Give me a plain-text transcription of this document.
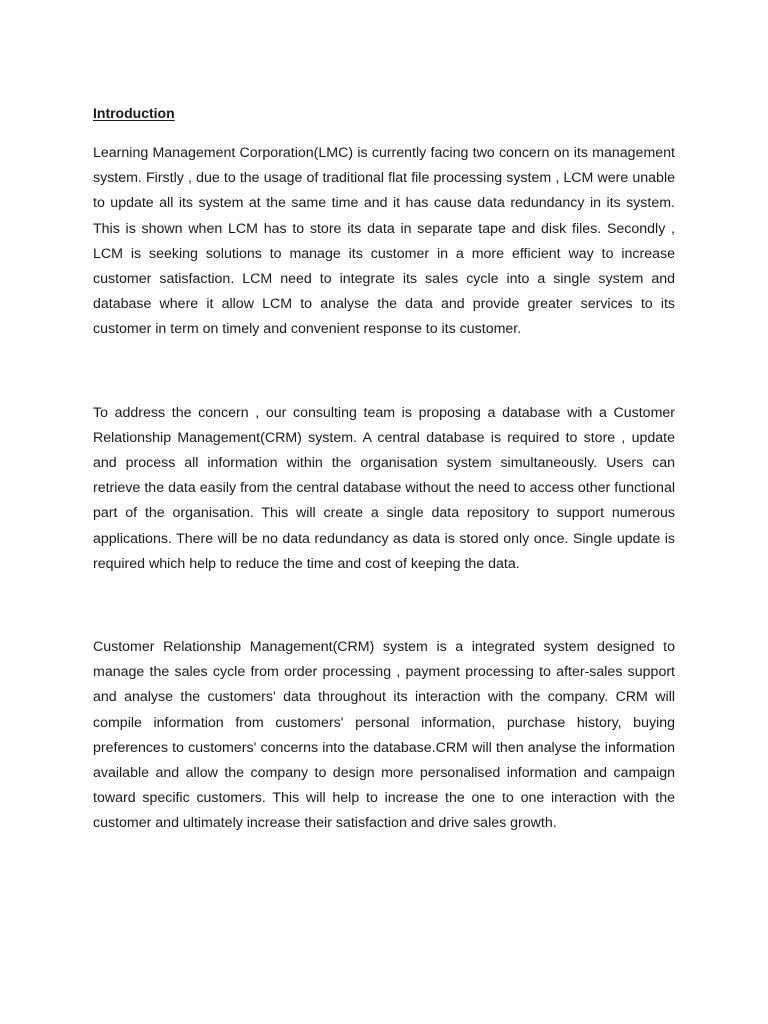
Introduction

Learning Management Corporation(LMC) is currently facing two concern on its management system. Firstly , due to the usage of traditional flat file processing system , LCM were unable to update all its system at the same time and it has cause data redundancy in its system. This is shown when LCM has to store its data in separate tape and disk files. Secondly , LCM is seeking solutions to manage its customer in a more efficient way to increase customer satisfaction. LCM need to integrate its sales cycle into a single system and database where it allow LCM to analyse the data and provide greater services to its customer in term on timely and convenient response to its customer.

To address the concern , our consulting team is proposing a database with a Customer Relationship Management(CRM) system. A central database is required to store , update and process all information within the organisation system simultaneously. Users can retrieve the data easily from the central database without the need to access other functional part of the organisation. This will create a single data repository to support numerous applications. There will be no data redundancy as data is stored only once. Single update is required which help to reduce the time and cost of keeping the data.

Customer Relationship Management(CRM) system is a integrated system designed to manage the sales cycle from order processing , payment processing to after-sales support and analyse the customers' data throughout its interaction with the company. CRM will compile information from customers' personal information, purchase history, buying preferences to customers' concerns into the database.CRM will then analyse the information available and allow the company to design more personalised information and campaign toward specific customers. This will help to increase the one to one interaction with the customer and ultimately increase their satisfaction and drive sales growth.
